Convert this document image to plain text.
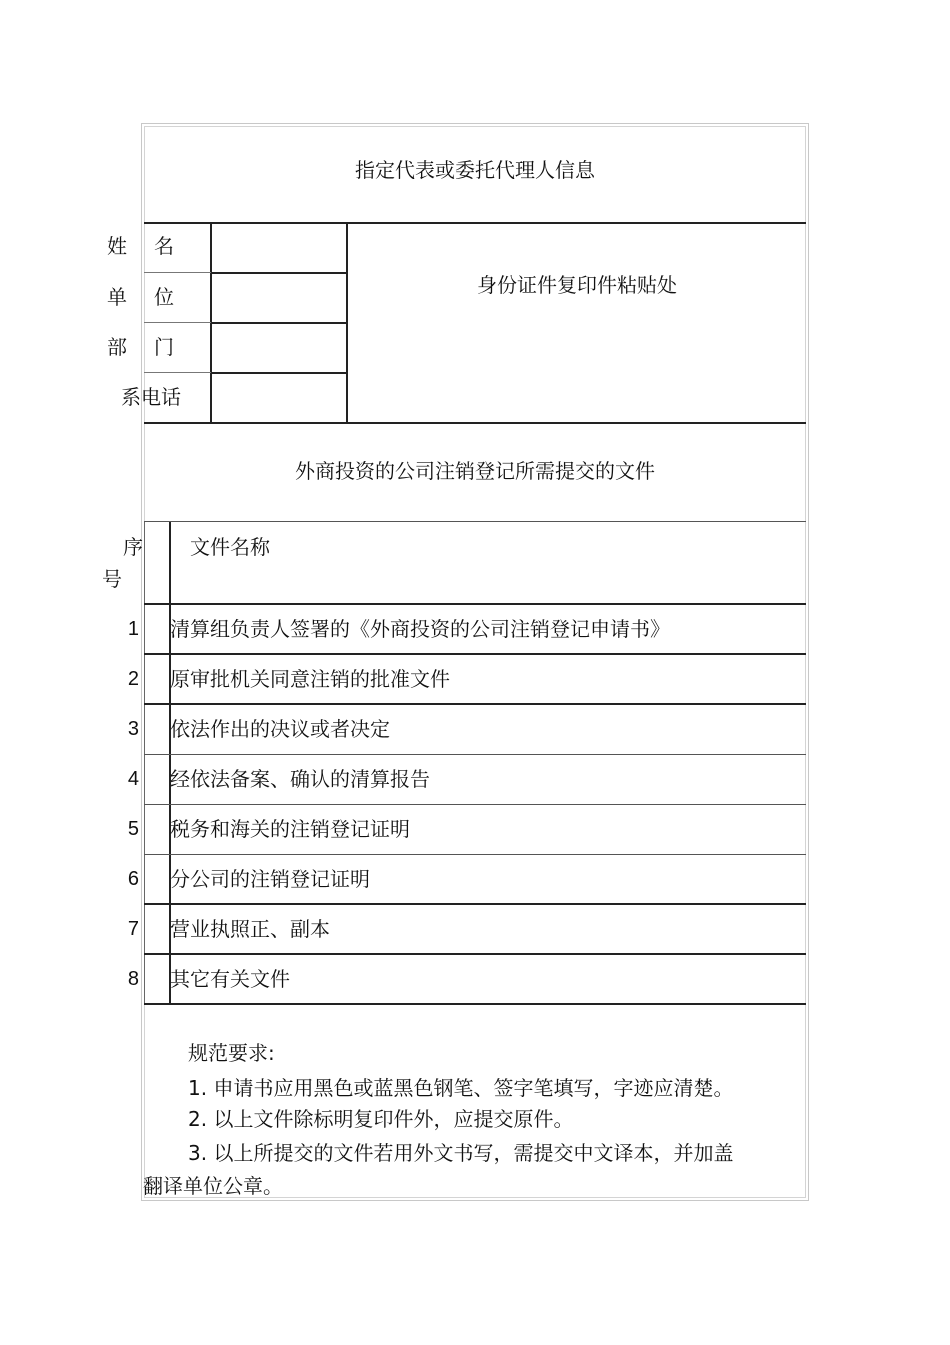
指定代表或委托代理人信息
姓 名
单 位
部 门
系电话
身份证件复印件粘贴处
外商投资的公司注销登记所需提交的文件
序
号
文件名称
1 清算组负责人签署的《外商投资的公司注销登记申请书》
2 原审批机关同意注销的批准文件
3 依法作出的决议或者决定
4 经依法备案、确认的清算报告
5 税务和海关的注销登记证明
6 分公司的注销登记证明
7 营业执照正、副本
8 其它有关文件
规范要求:
1. 申请书应用黑色或蓝黑色钢笔、签字笔填写，字迹应清楚。
2. 以上文件除标明复印件外，应提交原件。
3. 以上所提交的文件若用外文书写，需提交中文译本，并加盖
翻译单位公章。
